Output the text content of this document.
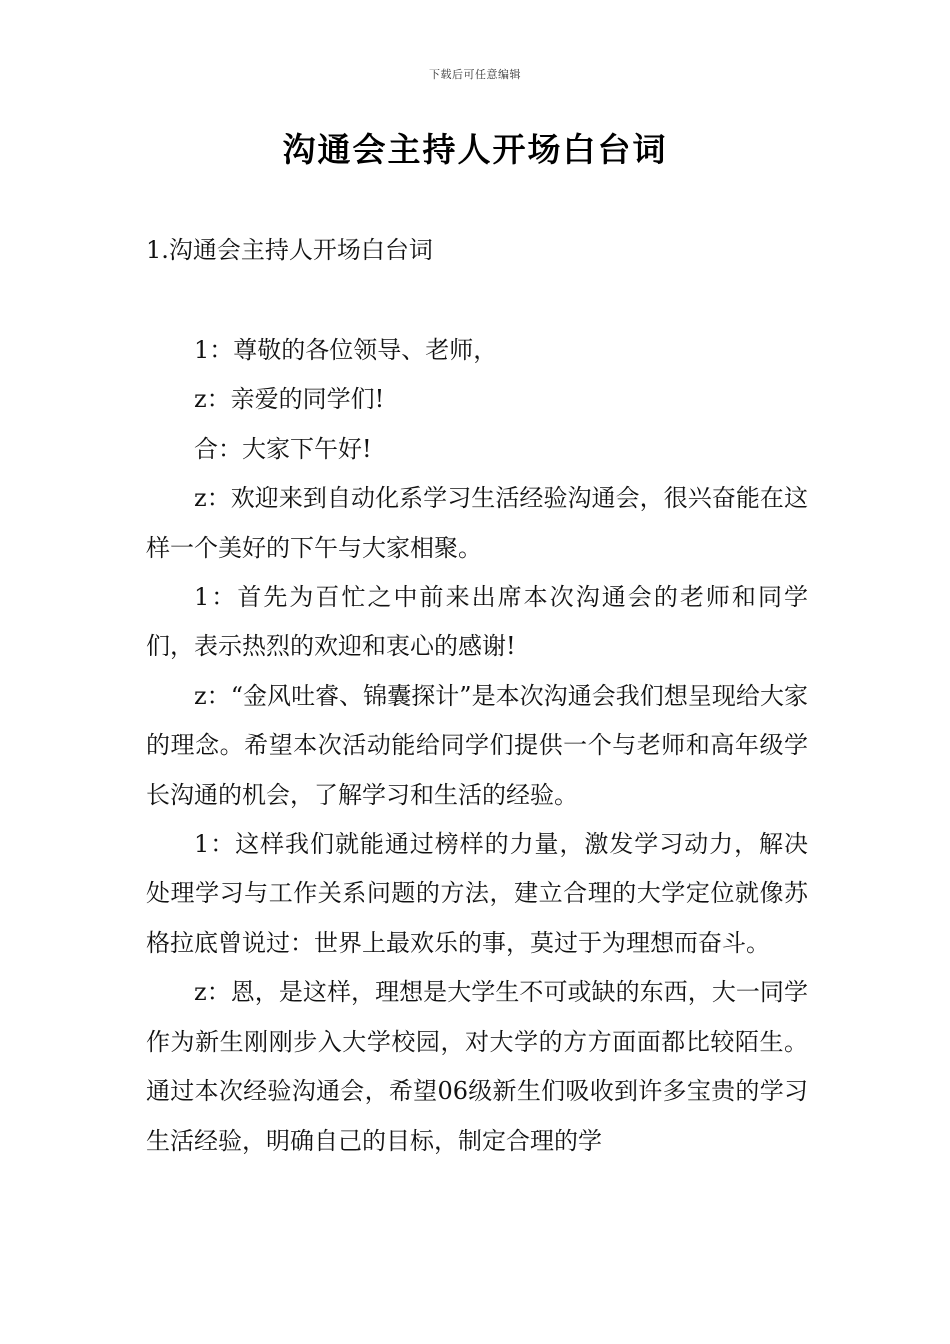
下载后可任意编辑
沟通会主持人开场白台词
1.沟通会主持人开场白台词

1：尊敬的各位领导、老师，

z：亲爱的同学们!

合：大家下午好!

z：欢迎来到自动化系学习生活经验沟通会，很兴奋能在这样一个美好的下午与大家相聚。

1：首先为百忙之中前来出席本次沟通会的老师和同学们，表示热烈的欢迎和衷心的感谢!

z：“金风吐睿、锦囊探计”是本次沟通会我们想呈现给大家的理念。希望本次活动能给同学们提供一个与老师和高年级学长沟通的机会，了解学习和生活的经验。

1：这样我们就能通过榜样的力量，激发学习动力，解决处理学习与工作关系问题的方法，建立合理的大学定位就像苏格拉底曾说过：世界上最欢乐的事，莫过于为理想而奋斗。

z：恩，是这样，理想是大学生不可或缺的东西，大一同学作为新生刚刚步入大学校园，对大学的方方面面都比较陌生。通过本次经验沟通会，希望06级新生们吸收到许多宝贵的学习生活经验，明确自己的目标，制定合理的学
